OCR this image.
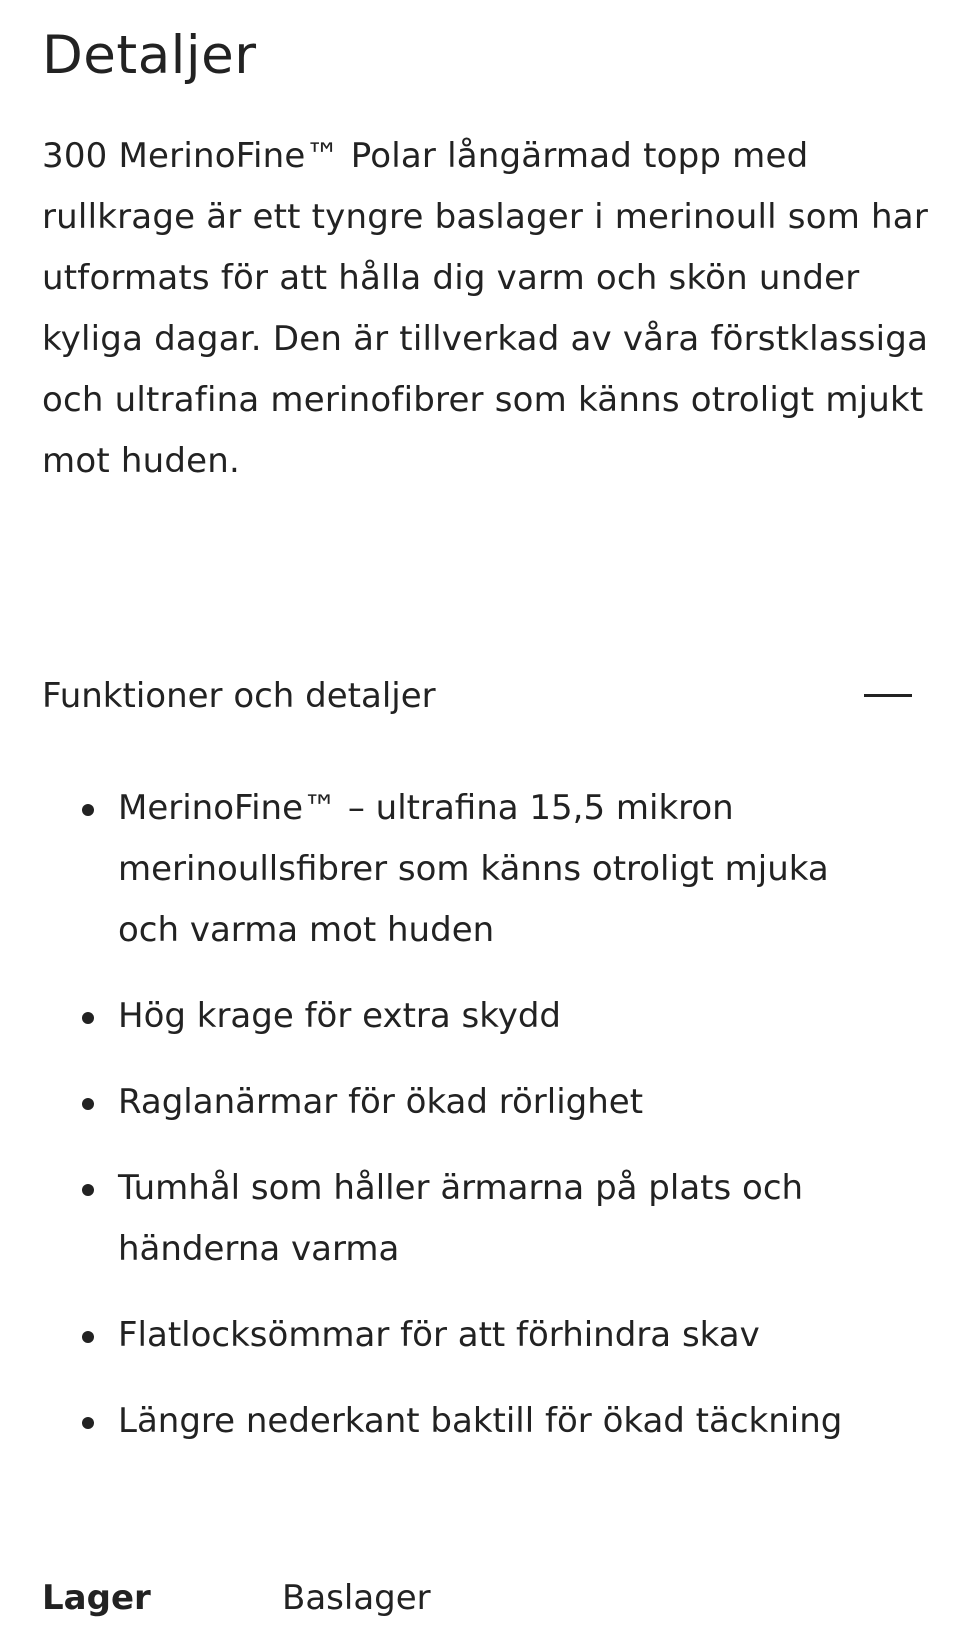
Detaljer

300 MerinoFine™ Polar långärmad topp med rullkrage är ett tyngre baslager i merinoull som har utformats för att hålla dig varm och skön under kyliga dagar. Den är tillverkad av våra förstklassiga och ultrafina merinofibrer som känns otroligt mjukt mot huden.

Funktioner och detaljer
MerinoFine™ – ultrafina 15,5 mikron merinoullsfibrer som känns otroligt mjuka och varma mot huden
Hög krage för extra skydd
Raglanärmar för ökad rörlighet
Tumhål som håller ärmarna på plats och händerna varma
Flatlocksömmar för att förhindra skav
Längre nederkant baktill för ökad täckning
Lager	Baslager
